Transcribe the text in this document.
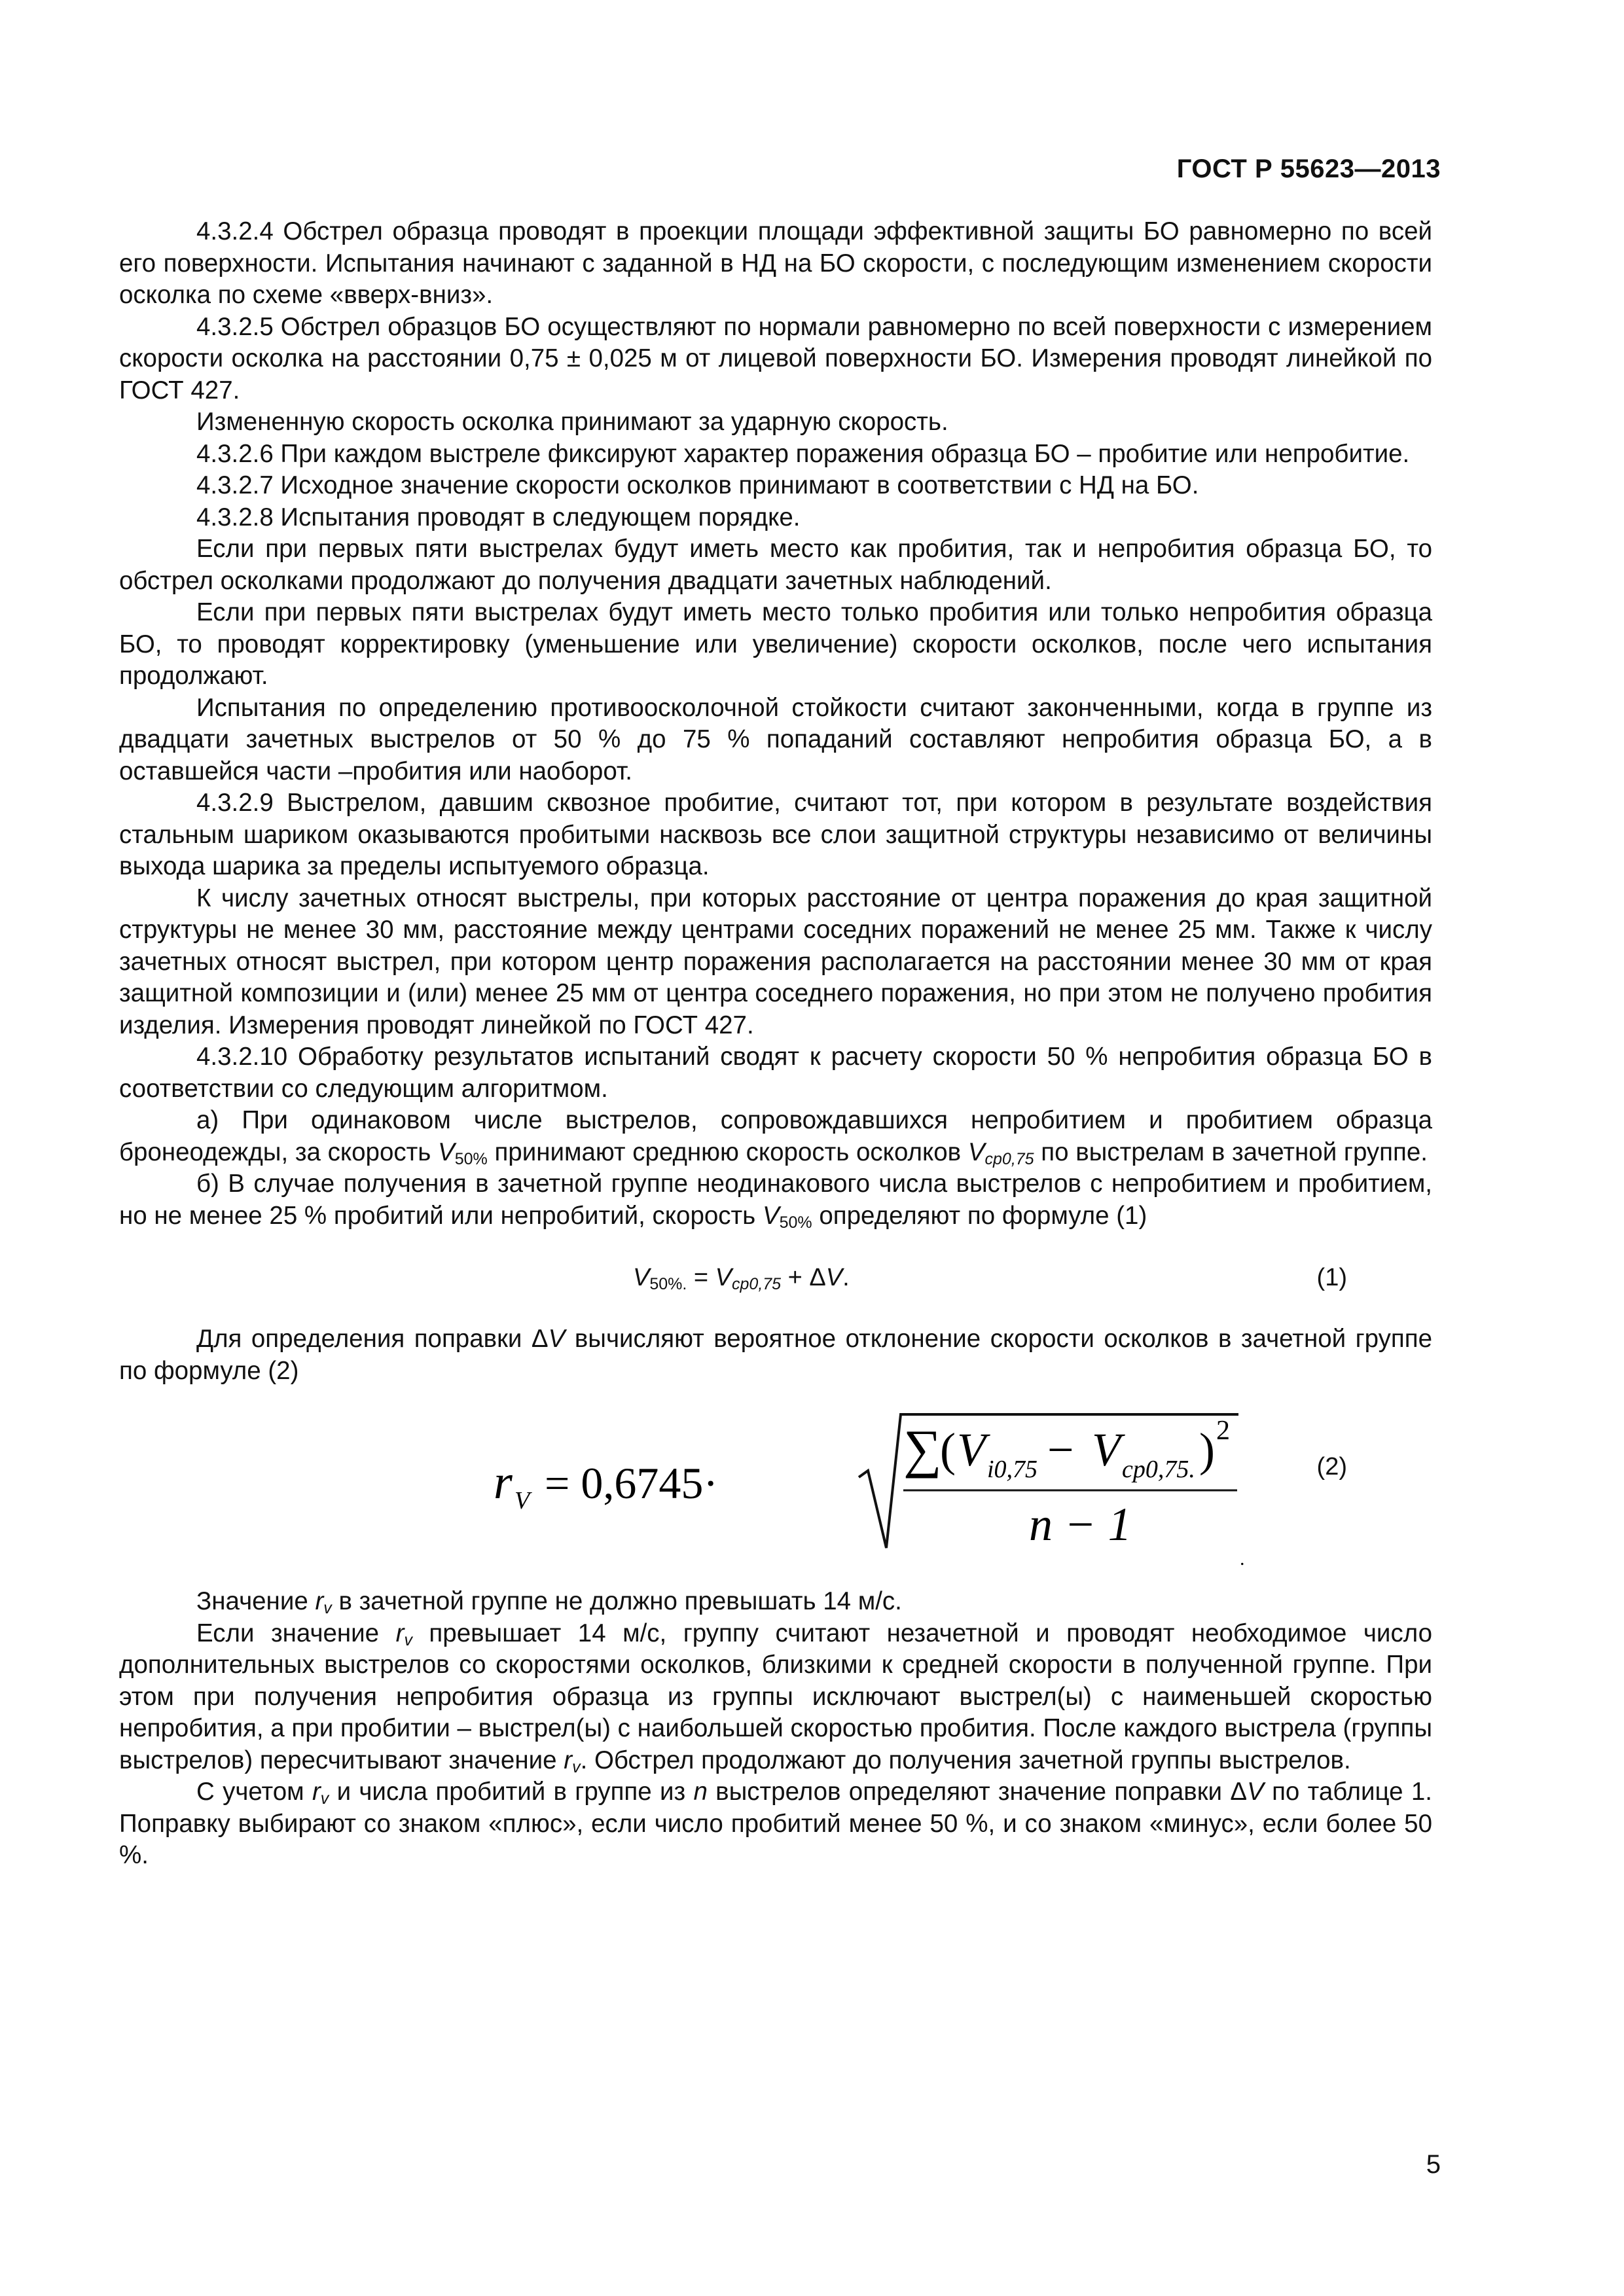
ГОСТ Р 55623—2013

4.3.2.4 Обстрел образца проводят в проекции площади эффективной защиты БО равномерно по всей его поверхности. Испытания начинают с заданной в НД на БО скорости, с последующим изменением скорости осколка по схеме «вверх-вниз».

4.3.2.5 Обстрел образцов БО осуществляют по нормали равномерно по всей поверхности с измерением скорости осколка на расстоянии 0,75 ± 0,025 м от лицевой поверхности БО. Измерения проводят линейкой по ГОСТ 427.

Измененную скорость осколка принимают за ударную скорость.

4.3.2.6 При каждом выстреле фиксируют характер поражения образца БО – пробитие или непробитие.

4.3.2.7 Исходное значение скорости осколков принимают в соответствии с НД на БО.

4.3.2.8 Испытания проводят в следующем порядке.

Если при первых пяти выстрелах будут иметь место как пробития, так и непробития образца БО, то обстрел осколками продолжают до получения двадцати зачетных наблюдений.

Если при первых пяти выстрелах будут иметь место только пробития или только непробития образца БО, то проводят корректировку (уменьшение или увеличение) скорости осколков, после чего испытания продолжают.

Испытания по определению противоосколочной стойкости считают законченными, когда в группе из двадцати зачетных выстрелов от 50 % до 75 % попаданий составляют непробития образца БО, а в оставшейся части –пробития или наоборот.

4.3.2.9 Выстрелом, давшим сквозное пробитие, считают тот, при котором в результате воздействия стальным шариком оказываются пробитыми насквозь все слои защитной структуры независимо от величины выхода шарика за пределы испытуемого образца.

К числу зачетных относят выстрелы, при которых расстояние от центра поражения до края защитной структуры не менее 30 мм, расстояние между центрами соседних поражений не менее 25 мм. Также к числу зачетных относят выстрел, при котором центр поражения располагается на расстоянии менее 30 мм от края защитной композиции и (или) менее 25 мм от центра соседнего поражения, но при этом не получено пробития изделия. Измерения проводят линейкой по ГОСТ 427.

4.3.2.10 Обработку результатов испытаний сводят к расчету скорости 50 % непробития образца БО в соответствии со следующим алгоритмом.

а) При одинаковом числе выстрелов, сопровождавшихся непробитием и пробитием образца бронеодежды, за скорость $V_{50\%}$ принимают среднюю скорость осколков $V_{ср0,75}$ по выстрелам в зачетной группе.

б) В случае получения в зачетной группе неодинакового числа выстрелов с непробитием и пробитием, но не менее 25 % пробитий или непробитий, скорость $V_{50\%}$ определяют по формуле (1)

$V_{50\%.} = V_{ср0,75} + \Delta V$.	(1)

Для определения поправки ΔV вычисляют вероятное отклонение скорости осколков в зачетной группе по формуле (2)

r V = 0,6745·
∑
( V i0,75 − V ср0,75. ) 2
n − 1
.
(2)

Значение $r_v$ в зачетной группе не должно превышать 14 м/с.

Если значение $r_v$ превышает 14 м/с, группу считают незачетной и проводят необходимое число дополнительных выстрелов со скоростями осколков, близкими к средней скорости в полученной группе. При этом при получения непробития образца из группы исключают выстрел(ы) с наименьшей скоростью непробития, а при пробитии – выстрел(ы) с наибольшей скоростью пробития. После каждого выстрела (группы выстрелов) пересчитывают значение $r_v$. Обстрел продолжают до получения зачетной группы выстрелов.

С учетом $r_v$ и числа пробитий в группе из n выстрелов определяют значение поправки ΔV по таблице 1. Поправку выбирают со знаком «плюс», если число пробитий менее 50 %, и со знаком «минус», если более 50 %.

5
